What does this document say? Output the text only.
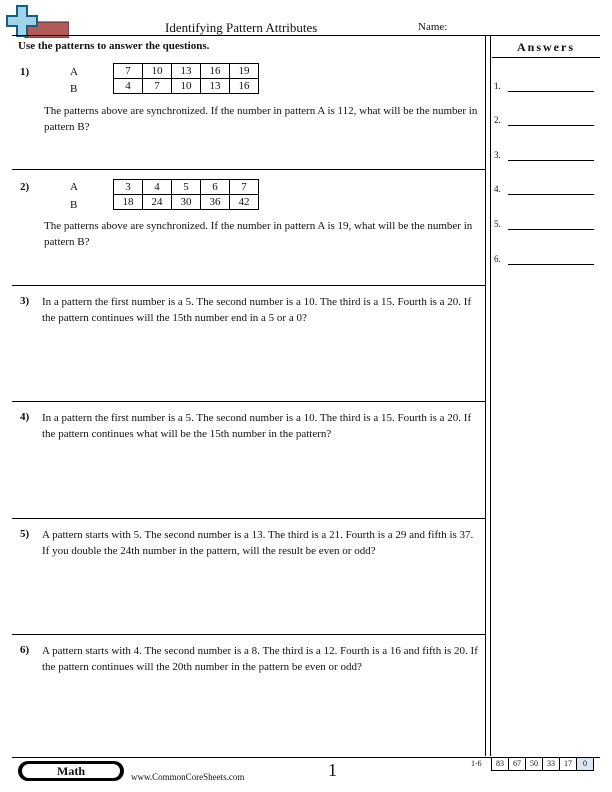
Identifying Pattern Attributes	Name:
Use the patterns to answer the questions.	Answers
1.
2.
3.
4.
5.
6.
1)	A
B
7	10	13	16	19
4	7	10	13	16
The patterns above are synchronized. If the number in pattern A is 112, what will be the number in pattern B?
2)	A
B
3	4	5	6	7
18	24	30	36	42
The patterns above are synchronized. If the number in pattern A is 19, what will be the number in pattern B?
3) In a pattern the first number is a 5. The second number is a 10. The third is a 15. Fourth is a 20. If the pattern continues will the 15th number end in a 5 or a 0?
4) In a pattern the first number is a 5. The second number is a 10. The third is a 15. Fourth is a 20. If the pattern continues what will be the 15th number in the pattern?
5) A pattern starts with 5. The second number is a 13. The third is a 21. Fourth is a 29 and fifth is 37. If you double the 24th number in the pattern, will the result be even or odd?
6) A pattern starts with 4. The second number is a 8. The third is a 12. Fourth is a 16 and fifth is 20. If the pattern continues will the 20th number in the pattern be even or odd?
Math	www.CommonCoreSheets.com	1	1-6	83	67	50	33	17	0
